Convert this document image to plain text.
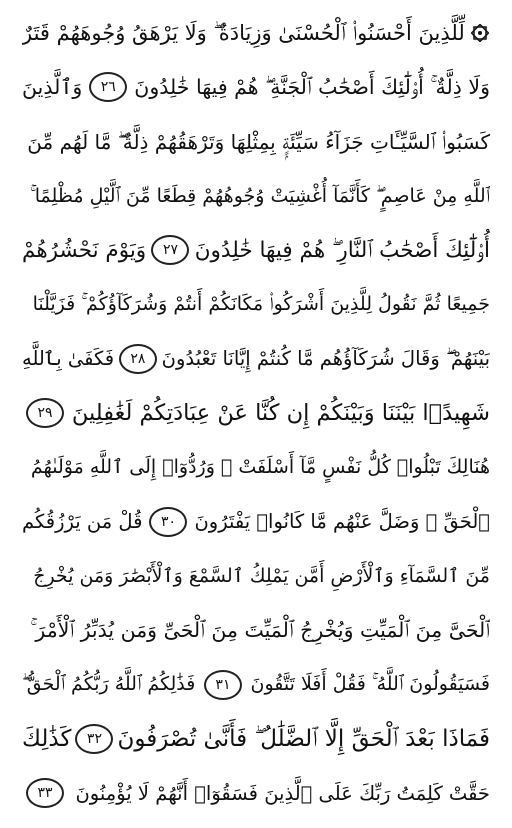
لِّلَّذِينَ أَحْسَنُوا۟ ٱلْحُسْنَىٰ وَزِيَادَةٌ ۖ وَلَا يَرْهَقُ وُجُوهَهُمْ قَتَرٌ
وَلَا ذِلَّةٌ ۚ أُو۟لَٰٓئِكَ أَصْحَٰبُ ٱلْجَنَّةِ ۖ هُمْ فِيهَا خَٰلِدُونَ
٢٦
وَٱلَّذِينَ
كَسَبُوا۟ ٱلسَّيِّـَٔاتِ جَزَآءُ سَيِّئَةٍۭ بِمِثْلِهَا وَتَرْهَقُهُمْ ذِلَّةٌ ۖ مَّا لَهُم مِّنَ
ٱللَّهِ مِنْ عَاصِمٍ ۖ كَأَنَّمَآ أُغْشِيَتْ وُجُوهُهُمْ قِطَعًا مِّنَ ٱلَّيْلِ مُظْلِمًا ۚ
أُو۟لَٰٓئِكَ أَصْحَٰبُ ٱلنَّارِ ۖ هُمْ فِيهَا خَٰلِدُونَ
٢٧
وَيَوْمَ نَحْشُرُهُمْ
جَمِيعًا ثُمَّ نَقُولُ لِلَّذِينَ أَشْرَكُوا۟ مَكَانَكُمْ أَنتُمْ وَشُرَكَآؤُكُمْ ۚ فَزَيَّلْنَا
بَيْنَهُمْ ۖ وَقَالَ شُرَكَآؤُهُم مَّا كُنتُمْ إِيَّانَا تَعْبُدُونَ
٢٨
فَكَفَىٰ بِٱللَّهِ
شَهِيدًۢا بَيْنَنَا وَبَيْنَكُمْ إِن كُنَّا عَنْ عِبَادَتِكُمْ لَغَٰفِلِينَ
٢٩
هُنَالِكَ تَبْلُوا۟ كُلُّ نَفْسٍ مَّآ أَسْلَفَتْ ۚ وَرُدُّوٓا۟ إِلَى ٱللَّهِ مَوْلَىٰهُمُ
ٱلْحَقِّ ۖ وَضَلَّ عَنْهُم مَّا كَانُوا۟ يَفْتَرُونَ
٣٠
قُلْ مَن يَرْزُقُكُم
مِّنَ ٱلسَّمَآءِ وَٱلْأَرْضِ أَمَّن يَمْلِكُ ٱلسَّمْعَ وَٱلْأَبْصَٰرَ وَمَن يُخْرِجُ
ٱلْحَىَّ مِنَ ٱلْمَيِّتِ وَيُخْرِجُ ٱلْمَيِّتَ مِنَ ٱلْحَىِّ وَمَن يُدَبِّرُ ٱلْأَمْرَ ۚ
فَسَيَقُولُونَ ٱللَّهُ ۚ فَقُلْ أَفَلَا تَتَّقُونَ
٣١
فَذَٰلِكُمُ ٱللَّهُ رَبُّكُمُ ٱلْحَقُّ ۖ
فَمَاذَا بَعْدَ ٱلْحَقِّ إِلَّا ٱلضَّلَٰلُ ۖ فَأَنَّىٰ تُصْرَفُونَ
٣٢
كَذَٰلِكَ
حَقَّتْ كَلِمَتُ رَبِّكَ عَلَى ٱلَّذِينَ فَسَقُوٓا۟ أَنَّهُمْ لَا يُؤْمِنُونَ
٣٣
